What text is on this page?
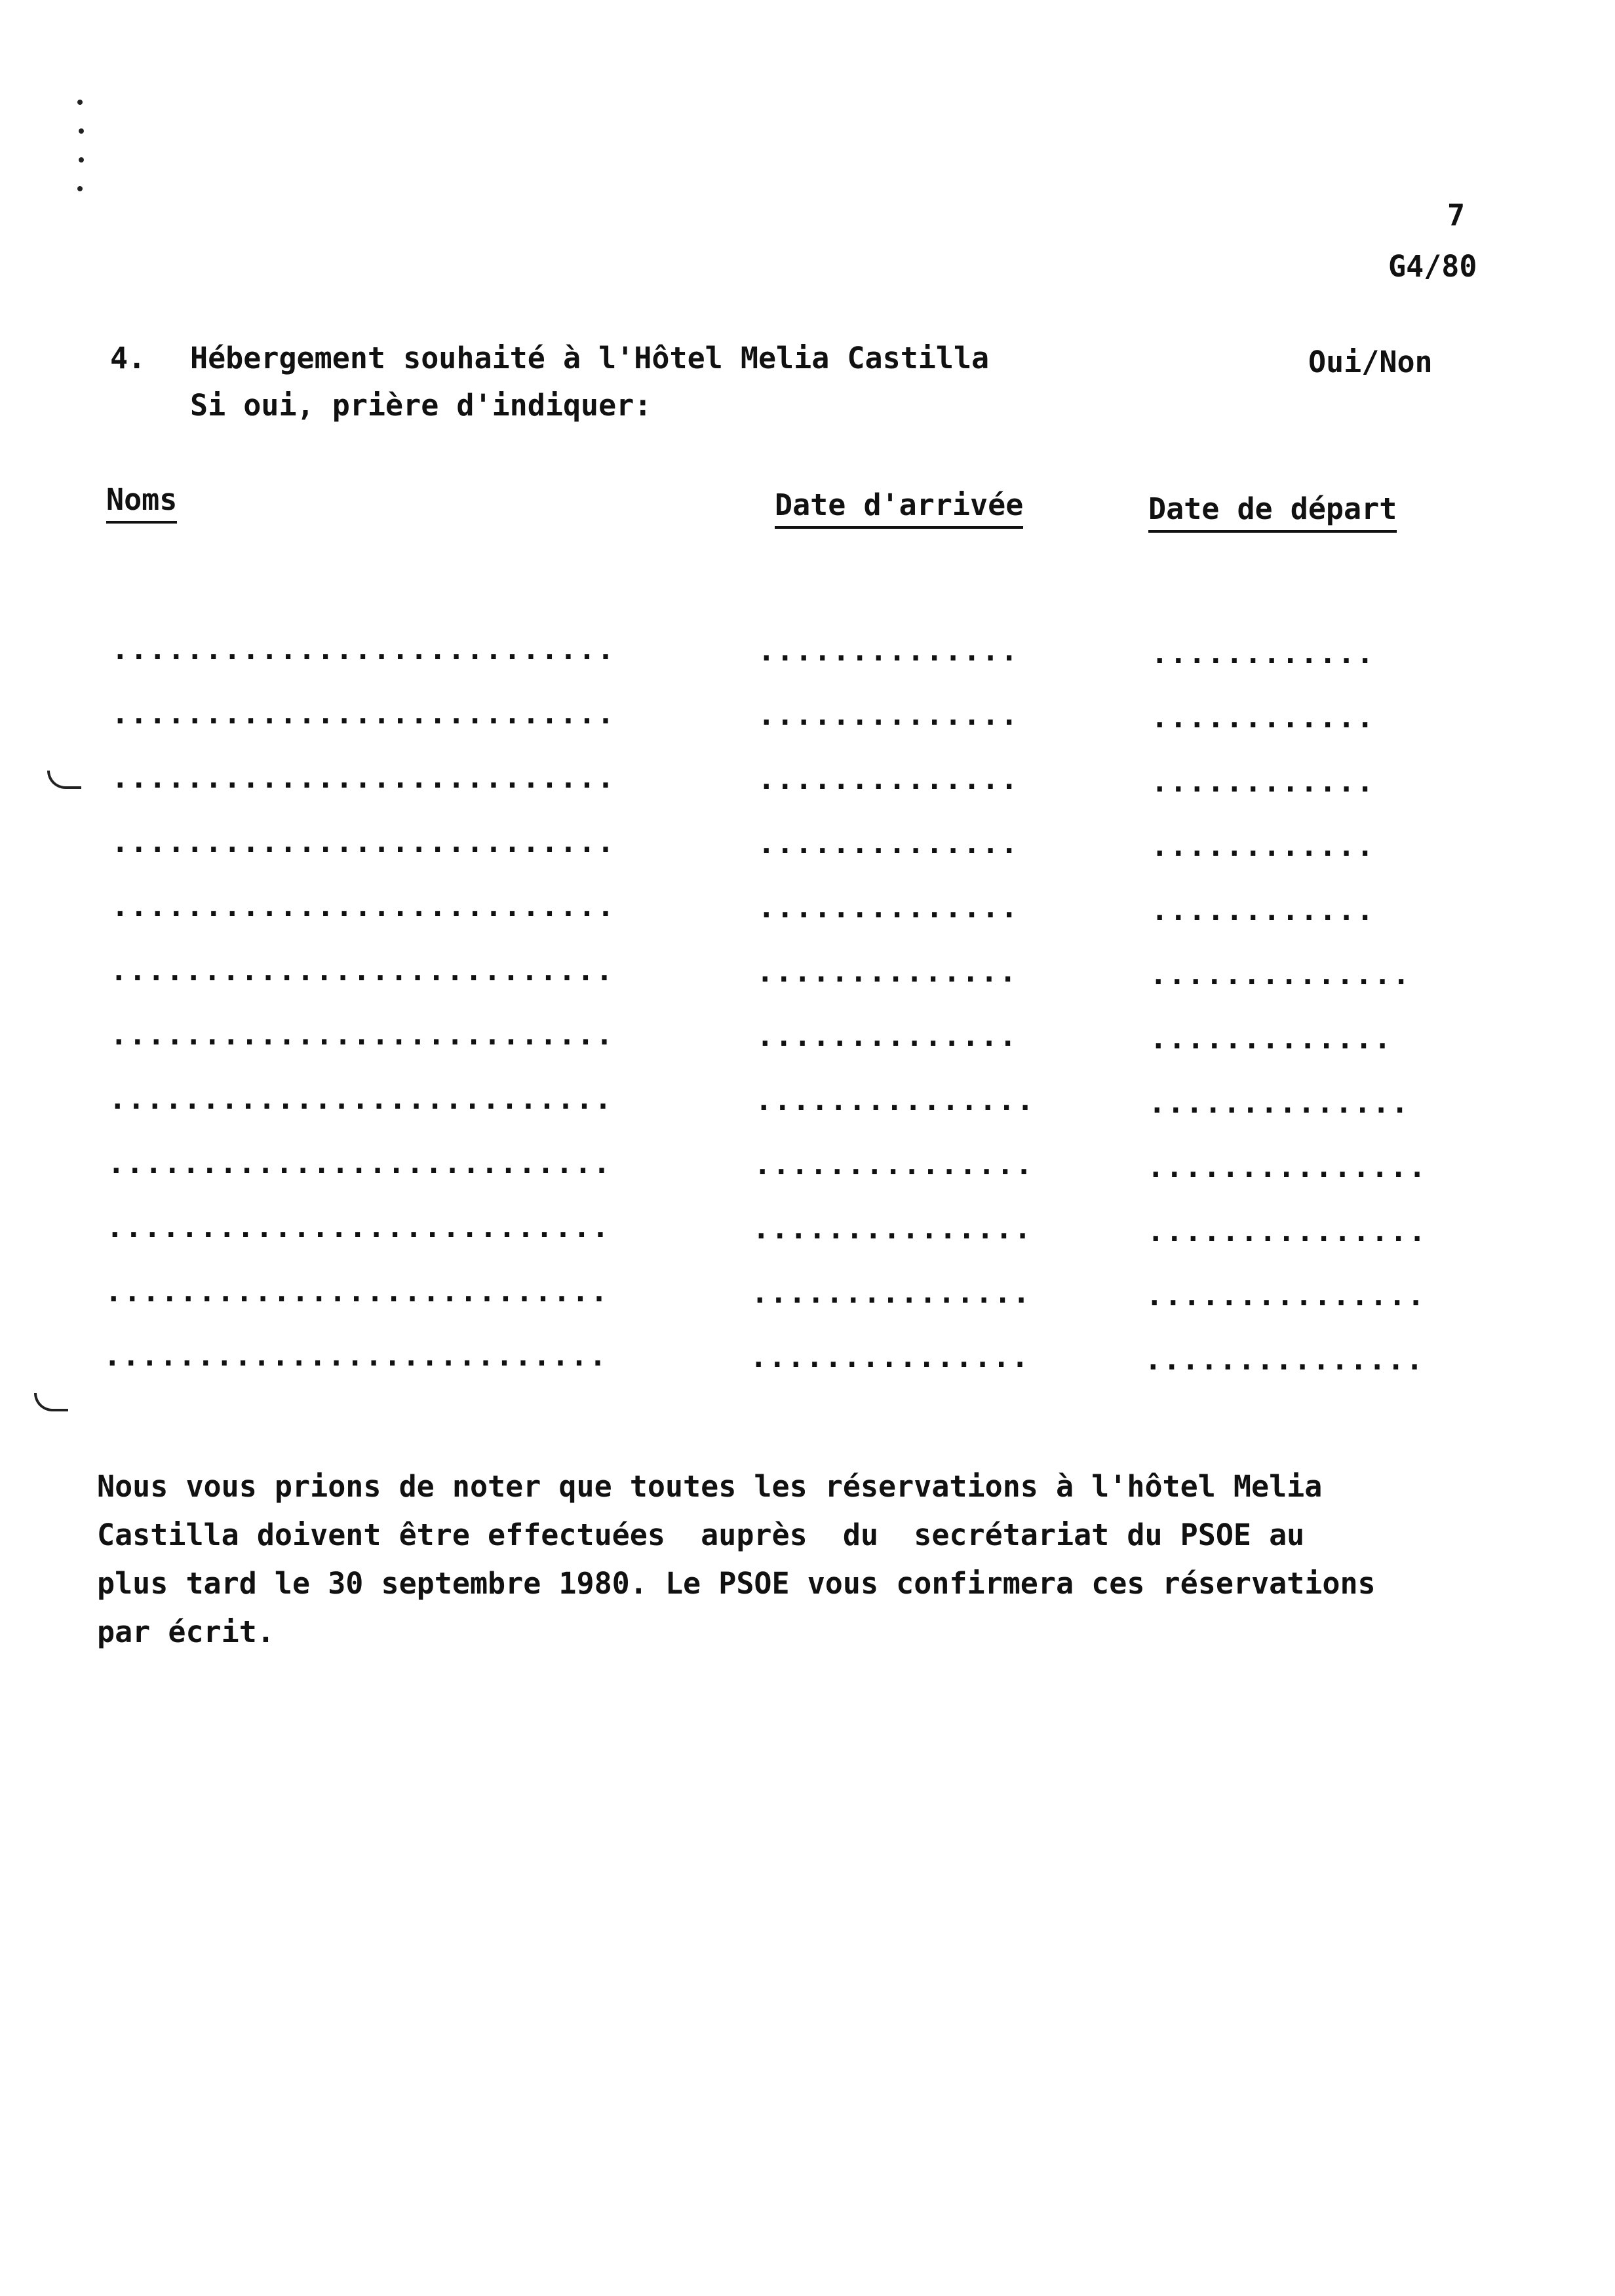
7
G4/80
4. Hébergement souhaité à l'Hôtel Melia Castilla	Oui/Non
Si oui, prière d'indiquer:
Noms	Date d'arrivée	Date de départ
...........................	..............	............
...........................	..............	............
...........................	..............	............
...........................	..............	............
...........................	..............	............
...........................	..............	..............
...........................	..............	.............
...........................	...............	..............
...........................	...............	...............
...........................	...............	...............
...........................	...............	...............
...........................	...............	...............
Nous vous prions de noter que toutes les réservations à l'hôtel Melia
Castilla doivent être effectuées  auprès  du  secrétariat du PSOE au
plus tard le 30 septembre 1980. Le PSOE vous confirmera ces réservations
par écrit.
